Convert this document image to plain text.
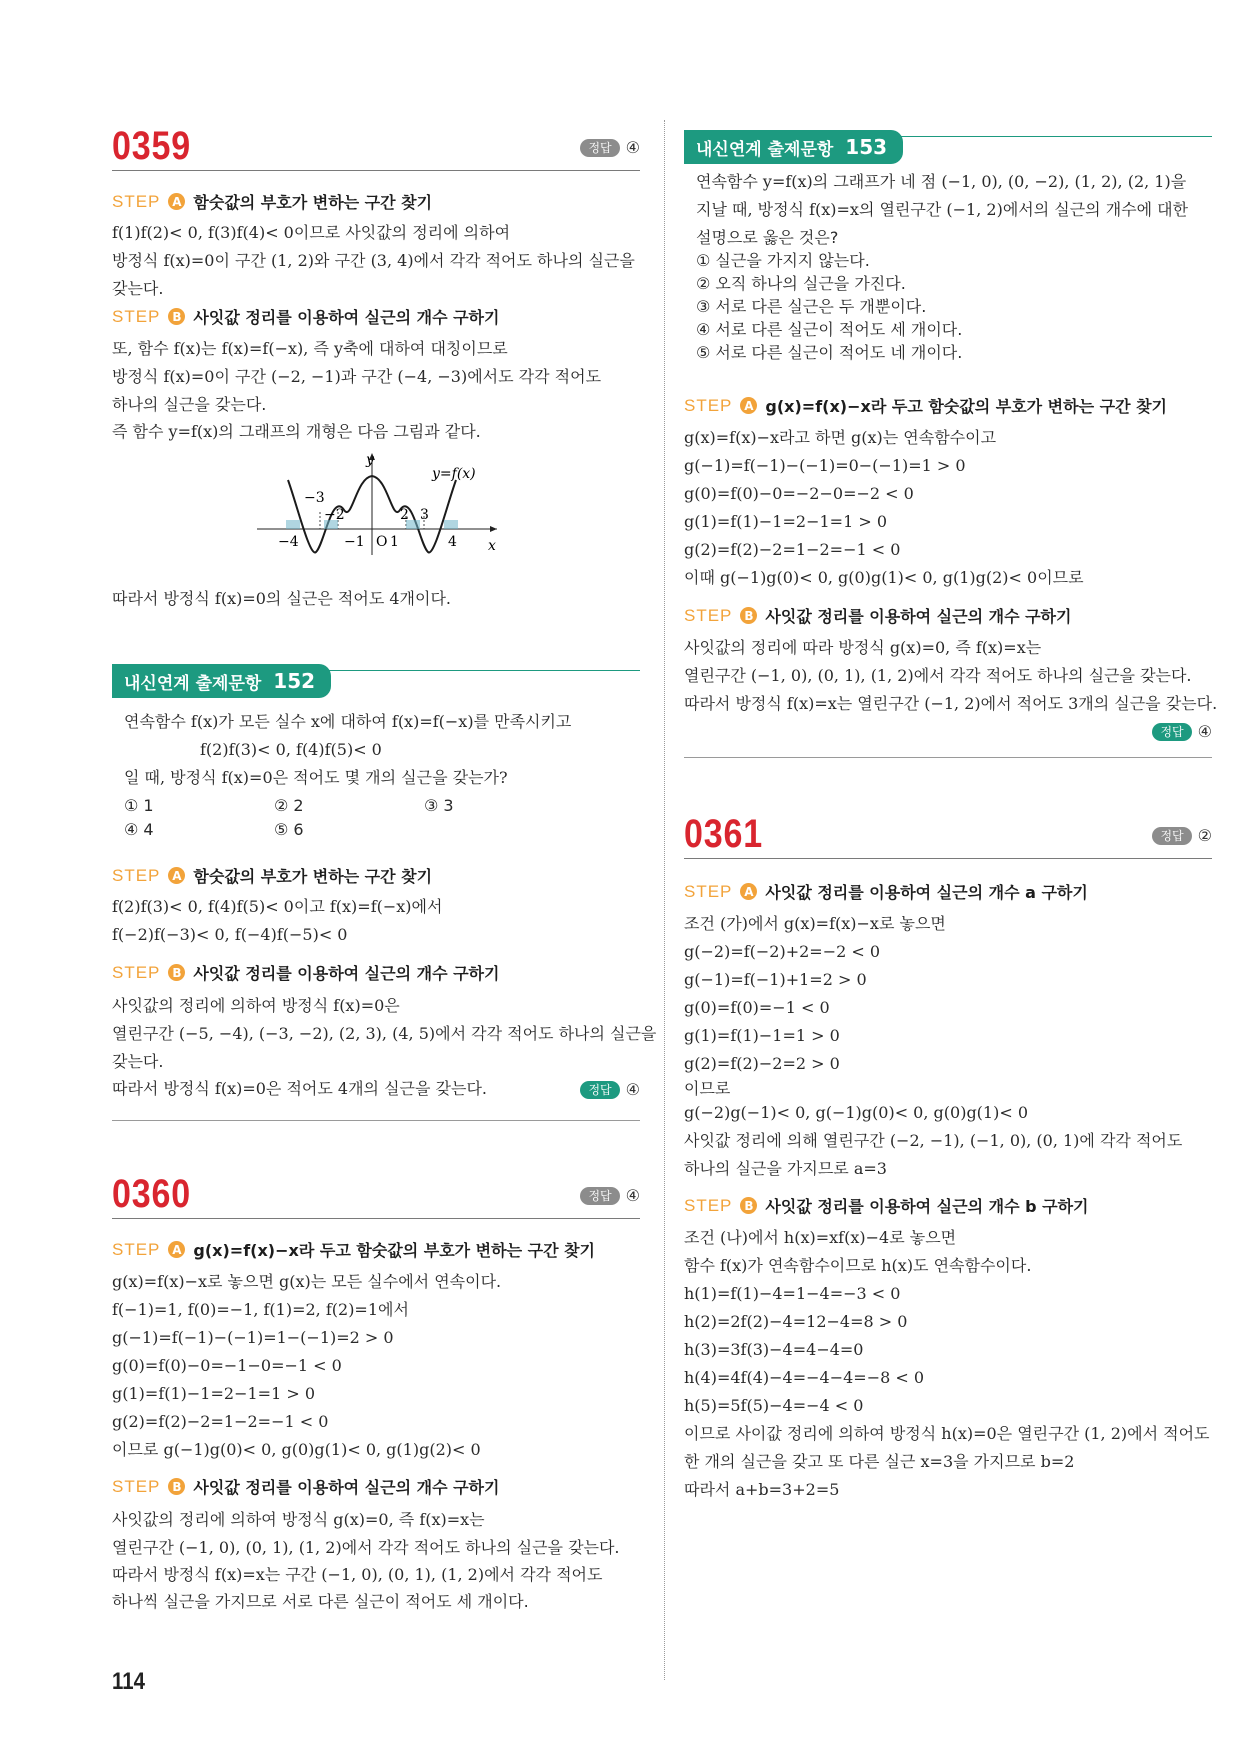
0359	정답 ④
STEP A 함숫값의 부호가 변하는 구간 찾기
f(1)f(2)< 0, f(3)f(4)< 0이므로 사잇값의 정리에 의하여
방정식 f(x)=0이 구간 (1, 2)와 구간 (3, 4)에서 각각 적어도 하나의 실근을
갖는다.
STEP B 사잇값 정리를 이용하여 실근의 개수 구하기
또, 함수 f(x)는 f(x)=f(−x), 즉 y축에 대하여 대칭이므로
방정식 f(x)=0이 구간 (−2, −1)과 구간 (−4, −3)에서도 각각 적어도
하나의 실근을 갖는다.
즉 함수 y=f(x)의 그래프의 개형은 다음 그림과 같다.
y
x
y=f(x)
O
−4
−3
−2
−1 1
2 3
4
따라서 방정식 f(x)=0의 실근은 적어도 4개이다.
내신연계 출제문항 152
연속함수 f(x)가 모든 실수 x에 대하여 f(x)=f(−x)를 만족시키고
f(2)f(3)< 0, f(4)f(5)< 0
일 때, 방정식 f(x)=0은 적어도 몇 개의 실근을 갖는가?
① 1	② 2	③ 3
④ 4	⑤ 6
STEP A 함숫값의 부호가 변하는 구간 찾기
f(2)f(3)< 0, f(4)f(5)< 0이고 f(x)=f(−x)에서
f(−2)f(−3)< 0, f(−4)f(−5)< 0
STEP B 사잇값 정리를 이용하여 실근의 개수 구하기
사잇값의 정리에 의하여 방정식 f(x)=0은
열린구간 (−5, −4), (−3, −2), (2, 3), (4, 5)에서 각각 적어도 하나의 실근을
갖는다.
따라서 방정식 f(x)=0은 적어도 4개의 실근을 갖는다.	정답 ④
0360	정답 ④
STEP A g(x)=f(x)−x라 두고 함숫값의 부호가 변하는 구간 찾기
g(x)=f(x)−x로 놓으면 g(x)는 모든 실수에서 연속이다.
f(−1)=1, f(0)=−1, f(1)=2, f(2)=1에서
g(−1)=f(−1)−(−1)=1−(−1)=2 > 0
g(0)=f(0)−0=−1−0=−1 < 0
g(1)=f(1)−1=2−1=1 > 0
g(2)=f(2)−2=1−2=−1 < 0
이므로 g(−1)g(0)< 0, g(0)g(1)< 0, g(1)g(2)< 0
STEP B 사잇값 정리를 이용하여 실근의 개수 구하기
사잇값의 정리에 의하여 방정식 g(x)=0, 즉 f(x)=x는
열린구간 (−1, 0), (0, 1), (1, 2)에서 각각 적어도 하나의 실근을 갖는다.
따라서 방정식 f(x)=x는 구간 (−1, 0), (0, 1), (1, 2)에서 각각 적어도
하나씩 실근을 가지므로 서로 다른 실근이 적어도 세 개이다.
내신연계 출제문항 153
연속함수 y=f(x)의 그래프가 네 점 (−1, 0), (0, −2), (1, 2), (2, 1)을
지날 때, 방정식 f(x)=x의 열린구간 (−1, 2)에서의 실근의 개수에 대한
설명으로 옳은 것은?
① 실근을 가지지 않는다.
② 오직 하나의 실근을 가진다.
③ 서로 다른 실근은 두 개뿐이다.
④ 서로 다른 실근이 적어도 세 개이다.
⑤ 서로 다른 실근이 적어도 네 개이다.
STEP A g(x)=f(x)−x라 두고 함숫값의 부호가 변하는 구간 찾기
g(x)=f(x)−x라고 하면 g(x)는 연속함수이고
g(−1)=f(−1)−(−1)=0−(−1)=1 > 0
g(0)=f(0)−0=−2−0=−2 < 0
g(1)=f(1)−1=2−1=1 > 0
g(2)=f(2)−2=1−2=−1 < 0
이때 g(−1)g(0)< 0, g(0)g(1)< 0, g(1)g(2)< 0이므로
STEP B 사잇값 정리를 이용하여 실근의 개수 구하기
사잇값의 정리에 따라 방정식 g(x)=0, 즉 f(x)=x는
열린구간 (−1, 0), (0, 1), (1, 2)에서 각각 적어도 하나의 실근을 갖는다.
따라서 방정식 f(x)=x는 열린구간 (−1, 2)에서 적어도 3개의 실근을 갖는다.
정답 ④
0361	정답 ②
STEP A 사잇값 정리를 이용하여 실근의 개수 a 구하기
조건 (가)에서 g(x)=f(x)−x로 놓으면
g(−2)=f(−2)+2=−2 < 0
g(−1)=f(−1)+1=2 > 0
g(0)=f(0)=−1 < 0
g(1)=f(1)−1=1 > 0
g(2)=f(2)−2=2 > 0
이므로
g(−2)g(−1)< 0, g(−1)g(0)< 0, g(0)g(1)< 0
사잇값 정리에 의해 열린구간 (−2, −1), (−1, 0), (0, 1)에 각각 적어도
하나의 실근을 가지므로 a=3
STEP B 사잇값 정리를 이용하여 실근의 개수 b 구하기
조건 (나)에서 h(x)=xf(x)−4로 놓으면
함수 f(x)가 연속함수이므로 h(x)도 연속함수이다.
h(1)=f(1)−4=1−4=−3 < 0
h(2)=2f(2)−4=12−4=8 > 0
h(3)=3f(3)−4=4−4=0
h(4)=4f(4)−4=−4−4=−8 < 0
h(5)=5f(5)−4=−4 < 0
이므로 사이값 정리에 의하여 방정식 h(x)=0은 열린구간 (1, 2)에서 적어도
한 개의 실근을 갖고 또 다른 실근 x=3을 가지므로 b=2
따라서 a+b=3+2=5
114
